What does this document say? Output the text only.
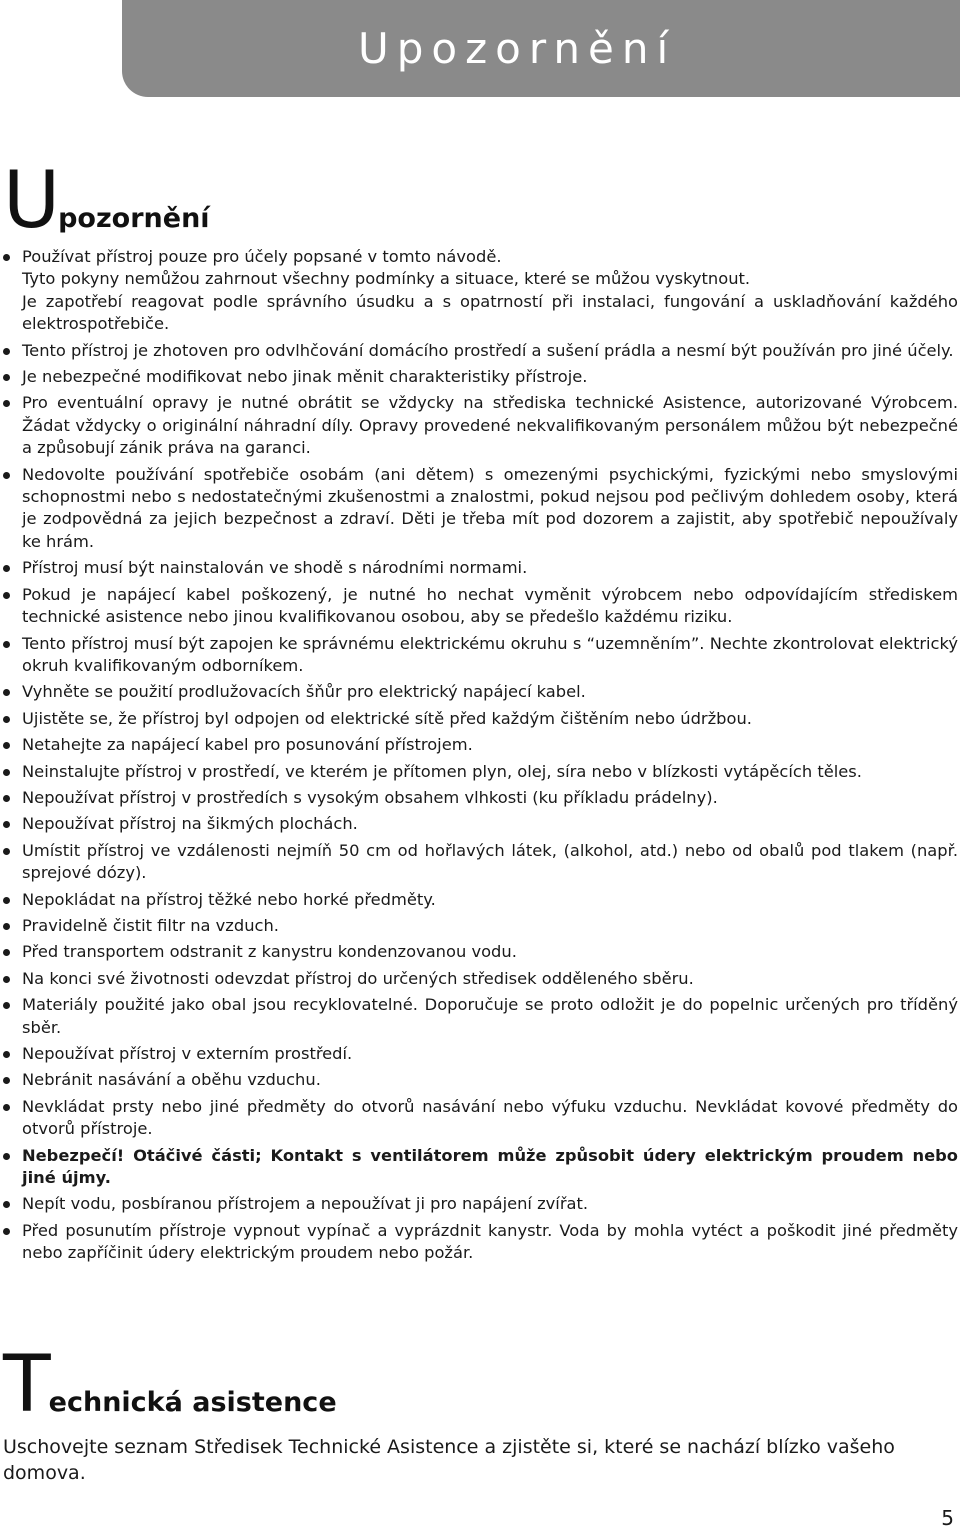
Upozornění
Upozornění
Používat přístroj pouze pro účely popsané v tomto návodě.
Tyto pokyny nemůžou zahrnout všechny podmínky a situace, které se můžou vyskytnout.
Je zapotřebí reagovat podle správního úsudku a s opatrností při instalaci, fungování a uskladňování každého elektrospotřebiče.
Tento přístroj je zhotoven pro odvlhčování domácího prostředí a sušení prádla a nesmí být používán pro jiné účely.
Je nebezpečné modifikovat nebo jinak měnit charakteristiky přístroje.
Pro eventuální opravy je nutné obrátit se vždycky na střediska technické Asistence, autorizované Výrobcem. Žádat vždycky o originální náhradní díly. Opravy provedené nekvalifikovaným personálem můžou být nebezpečné a způsobují zánik práva na garanci.
Nedovolte používání spotřebiče osobám (ani dětem) s omezenými psychickými, fyzickými nebo smyslovými schopnostmi nebo s nedostatečnými zkušenostmi a znalostmi, pokud nejsou pod pečlivým dohledem osoby, která je zodpovědná za jejich bezpečnost a zdraví. Děti je třeba mít pod dozorem a zajistit, aby spotřebič nepoužívaly ke hrám.
Přístroj musí být nainstalován ve shodě s národními normami.
Pokud je napájecí kabel poškozený, je nutné ho nechat vyměnit výrobcem nebo odpovídajícím střediskem technické asistence nebo jinou kvalifikovanou osobou, aby se předešlo každému riziku.
Tento přístroj musí být zapojen ke správnému elektrickému okruhu s “uzemněním”. Nechte zkontrolovat elektrický okruh kvalifikovaným odborníkem.
Vyhněte se použití prodlužovacích šňůr pro elektrický napájecí kabel.
Ujistěte se, že přístroj byl odpojen od elektrické sítě před každým čištěním nebo údržbou.
Netahejte za napájecí kabel pro posunování přístrojem.
Neinstalujte přístroj v prostředí, ve kterém je přítomen plyn, olej, síra nebo v blízkosti vytápěcích těles.
Nepoužívat přístroj v prostředích s vysokým obsahem vlhkosti (ku příkladu prádelny).
Nepoužívat přístroj na šikmých plochách.
Umístit přístroj ve vzdálenosti nejmíň 50 cm od hořlavých látek, (alkohol, atd.) nebo od obalů pod tlakem (např. sprejové dózy).
Nepokládat na přístroj těžké nebo horké předměty.
Pravidelně čistit filtr na vzduch.
Před transportem odstranit z kanystru kondenzovanou vodu.
Na konci své životnosti odevzdat přístroj do určených středisek odděleného sběru.
Materiály použité jako obal jsou recyklovatelné. Doporučuje se proto odložit je do popelnic určených pro tříděný sběr.
Nepoužívat přístroj v externím prostředí.
Nebránit nasávání a oběhu vzduchu.
Nevkládat prsty nebo jiné předměty do otvorů nasávání nebo výfuku vzduchu. Nevkládat kovové předměty do otvorů přístroje.
Nebezpečí! Otáčivé části; Kontakt s ventilátorem může způsobit údery elektrickým proudem nebo jiné újmy.
Nepít vodu, posbíranou přístrojem a nepoužívat ji pro napájení zvířat.
Před posunutím přístroje vypnout vypínač a vyprázdnit kanystr. Voda by mohla vytéct a poškodit jiné předměty nebo zapříčinit údery elektrickým proudem nebo požár.
Technická asistence
Uschovejte seznam Středisek Technické Asistence a zjistěte si, které se nachází blízko vašeho domova.
5
